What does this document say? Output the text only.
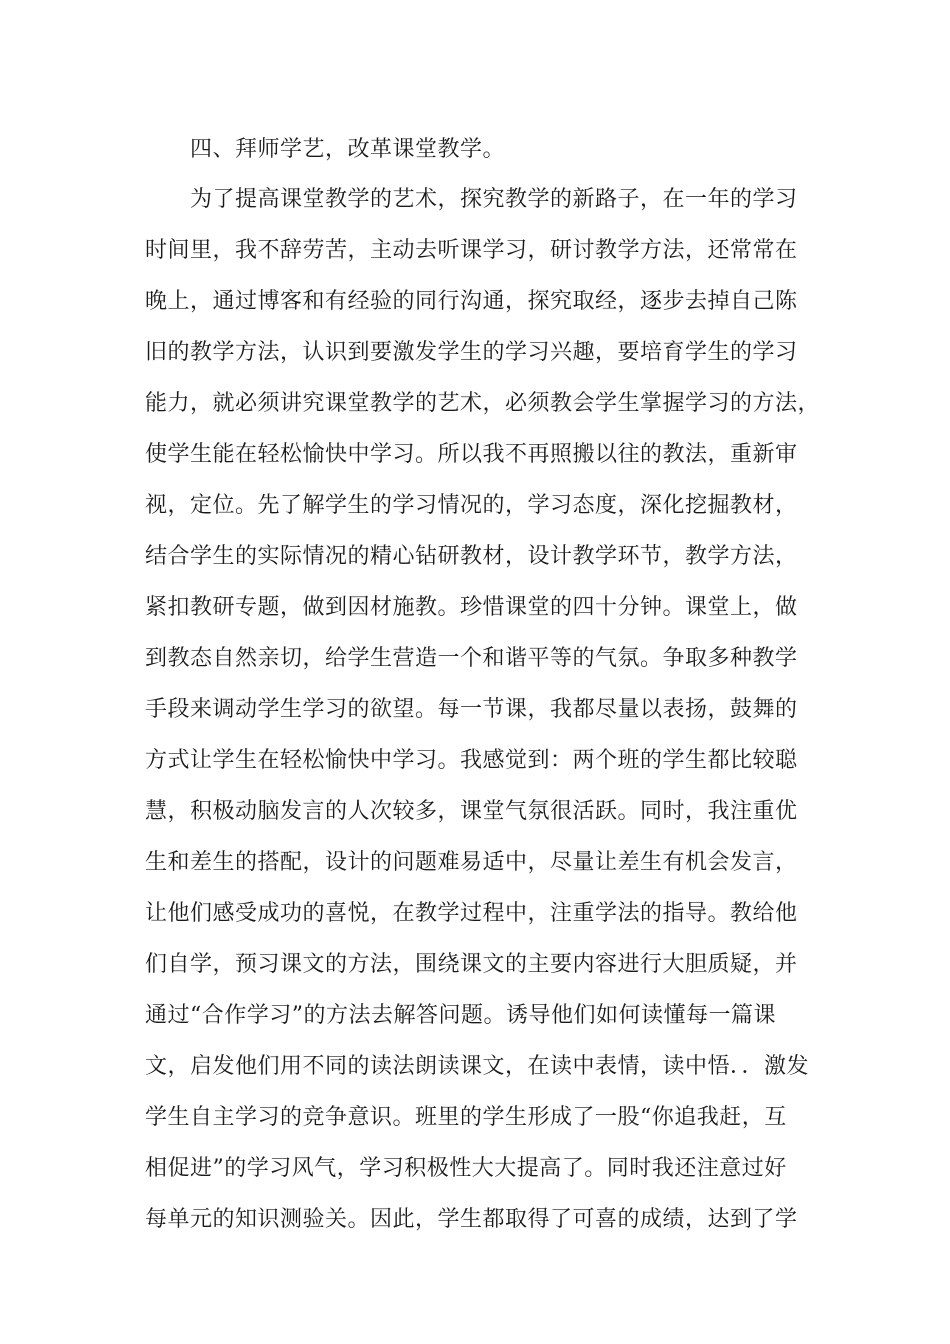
四、拜师学艺，改革课堂教学。

为了提高课堂教学的艺术，探究教学的新路子，在一年的学习

时间里，我不辞劳苦，主动去听课学习，研讨教学方法，还常常在

晚上，通过博客和有经验的同行沟通，探究取经，逐步去掉自己陈

旧的教学方法，认识到要激发学生的学习兴趣，要培育学生的学习

能力，就必须讲究课堂教学的艺术，必须教会学生掌握学习的方法，

使学生能在轻松愉快中学习。所以我不再照搬以往的教法，重新审

视，定位。先了解学生的学习情况的，学习态度，深化挖掘教材，

结合学生的实际情况的精心钻研教材，设计教学环节，教学方法，

紧扣教研专题，做到因材施教。珍惜课堂的四十分钟。课堂上，做

到教态自然亲切，给学生营造一个和谐平等的气氛。争取多种教学

手段来调动学生学习的欲望。每一节课，我都尽量以表扬，鼓舞的

方式让学生在轻松愉快中学习。我感觉到：两个班的学生都比较聪

慧，积极动脑发言的人次较多，课堂气氛很活跃。同时，我注重优

生和差生的搭配，设计的问题难易适中，尽量让差生有机会发言，

让他们感受成功的喜悦，在教学过程中，注重学法的指导。教给他

们自学，预习课文的方法，围绕课文的主要内容进行大胆质疑，并

通过“合作学习”的方法去解答问题。诱导他们如何读懂每一篇课

文，启发他们用不同的读法朗读课文，在读中表情，读中悟．．激发

学生自主学习的竞争意识。班里的学生形成了一股“你追我赶，互

相促进”的学习风气，学习积极性大大提高了。同时我还注意过好

每单元的知识测验关。因此，学生都取得了可喜的成绩，达到了学
